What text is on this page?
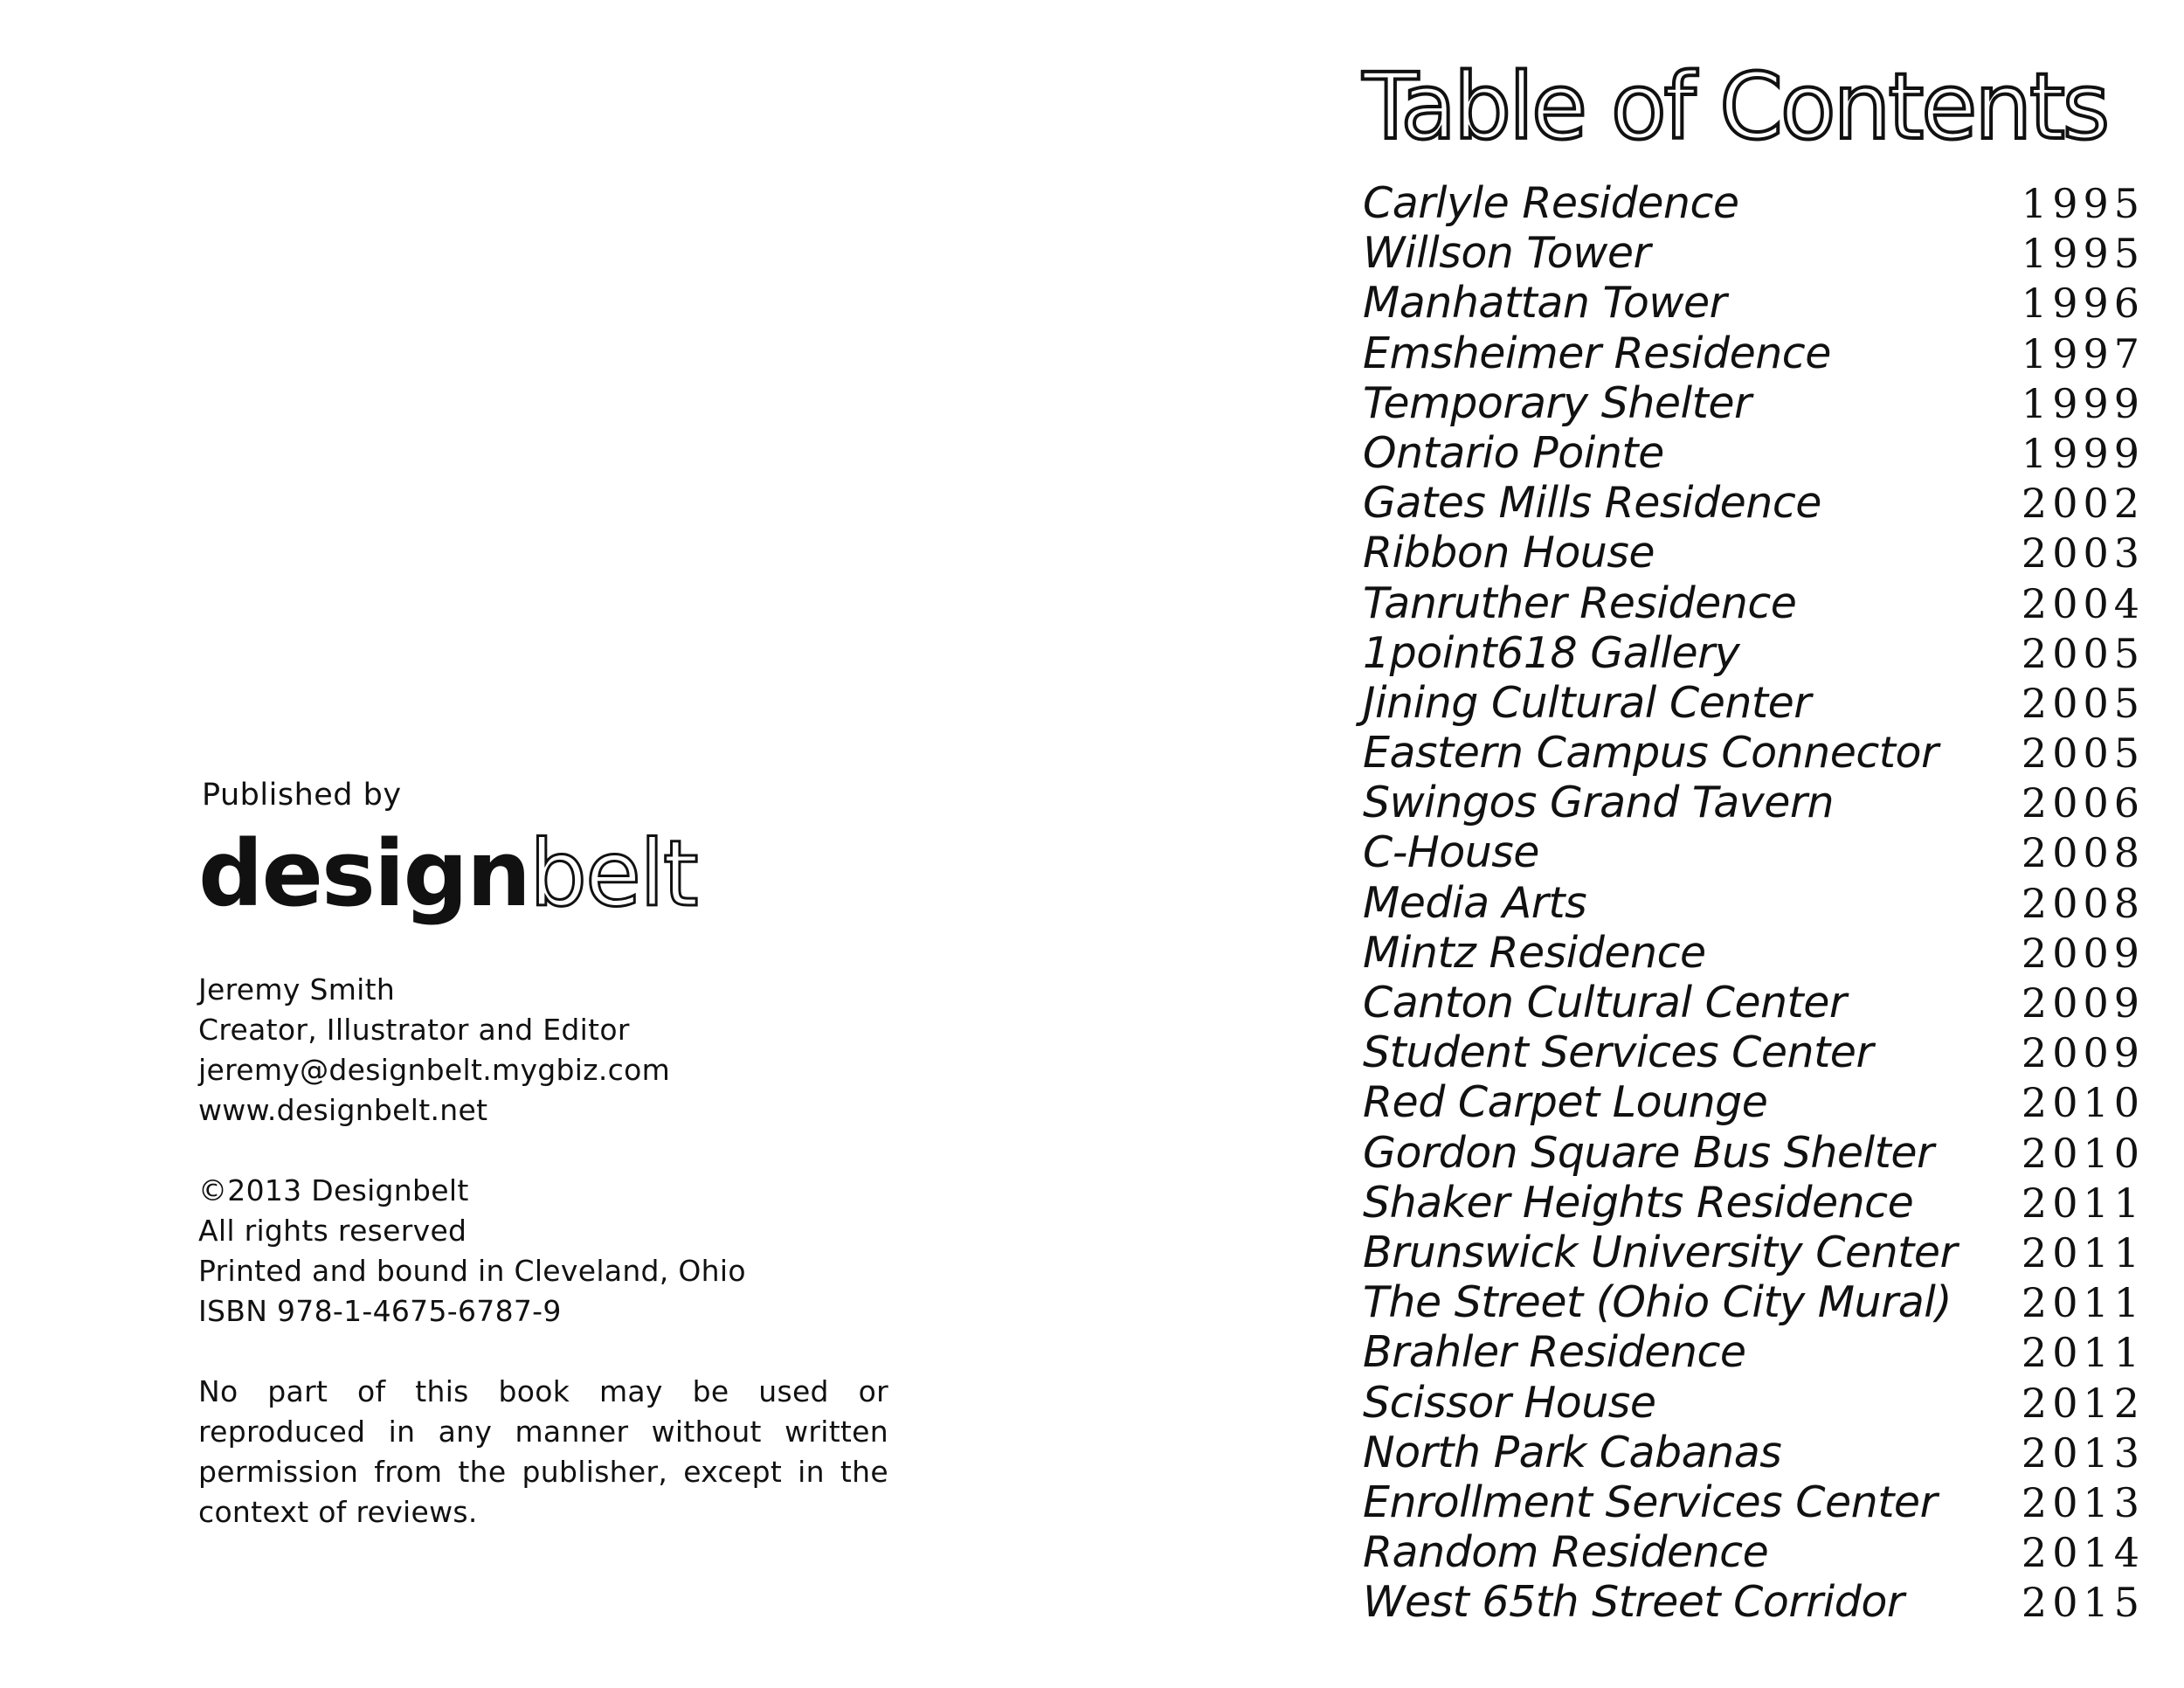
Published by
designbelt
Jeremy Smith
Creator, Illustrator and Editor
jeremy@designbelt.mygbiz.com
www.designbelt.net
©2013 Designbelt
All rights reserved
Printed and bound in Cleveland, Ohio
ISBN 978-1-4675-6787-9
No part of this book may be used or reproduced in any manner without written permission from the publisher, except in the context of reviews.
Table of Contents
Carlyle Residence	1995
Willson Tower	1995
Manhattan Tower	1996
Emsheimer Residence	1997
Temporary Shelter	1999
Ontario Pointe	1999
Gates Mills Residence	2002
Ribbon House	2003
Tanruther Residence	2004
1point618 Gallery	2005
Jining Cultural Center	2005
Eastern Campus Connector 2005
Swingos Grand Tavern	2006
C-House	2008
Media Arts	2008
Mintz Residence	2009
Canton Cultural Center	2009
Student Services Center	2009
Red Carpet Lounge	2010
Gordon Square Bus Shelter 2010
Shaker Heights Residence	2011
Brunswick University Center 2011
The Street (Ohio City Mural) 2011
Brahler Residence	2011
Scissor House	2012
North Park Cabanas	2013
Enrollment Services Center 2013
Random Residence	2014
West 65th Street Corridor	2015
